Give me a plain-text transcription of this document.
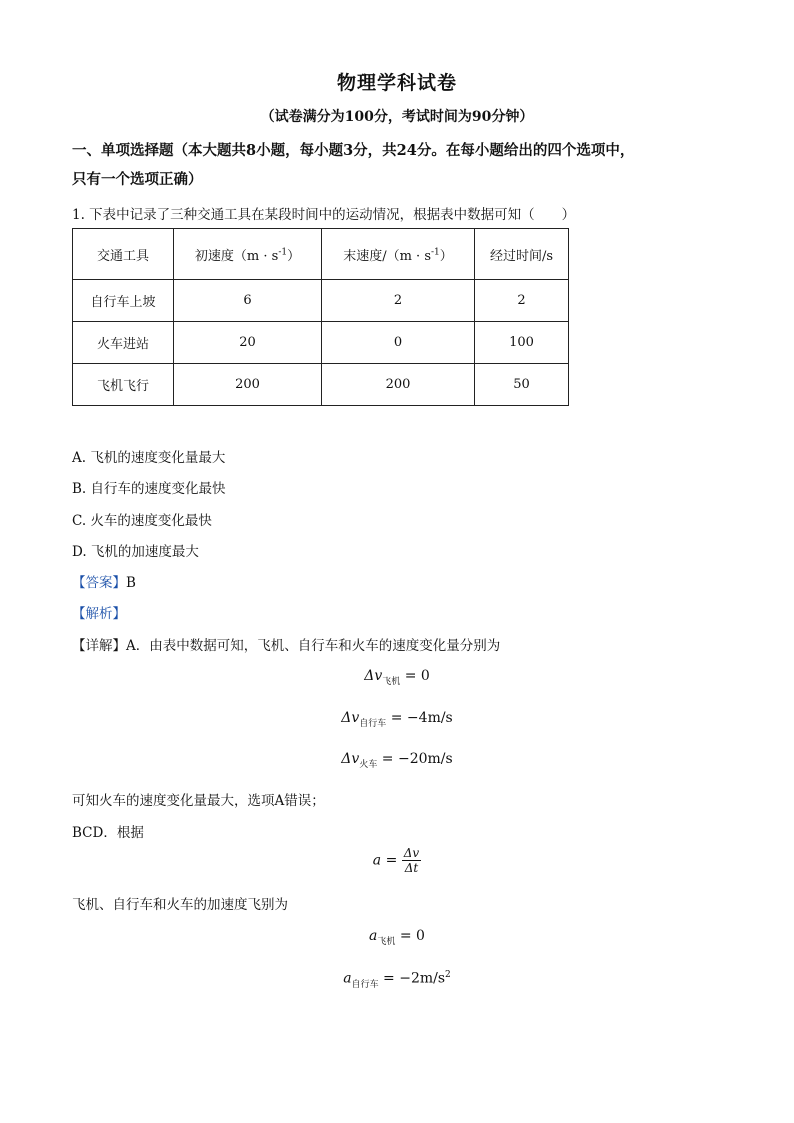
物理学科试卷
（试卷满分为100分，考试时间为90分钟）
一、单项选择题（本大题共8小题，每小题3分，共24分。在每小题给出的四个选项中，
只有一个选项正确）
1. 下表中记录了三种交通工具在某段时间中的运动情况，根据表中数据可知（　　）
交通工具	初速度$(m \cdot s^{-1})$	末速度$/(m \cdot s^{-1})$	经过时间/s
自行车上坡	6	2	2
火车进站	20	0	100
飞机飞行	200	200	50
A. 飞机的速度变化量最大
B. 自行车的速度变化最快
C. 火车的速度变化最快
D. 飞机的加速度最大
【答案】B
【解析】
【详解】A．由表中数据可知，飞机、自行车和火车的速度变化量分别为
$\Delta v_{飞机} = 0$
$\Delta v_{自行车} = -4m/s$
$\Delta v_{火车} = -20m/s$
可知火车的速度变化量最大，选项A错误；
BCD．根据
$a = \frac{\Delta v}{\Delta t}$
飞机、自行车和火车的加速度飞别为
$a_{飞机} = 0$
$a_{自行车} = -2m/s^2$
